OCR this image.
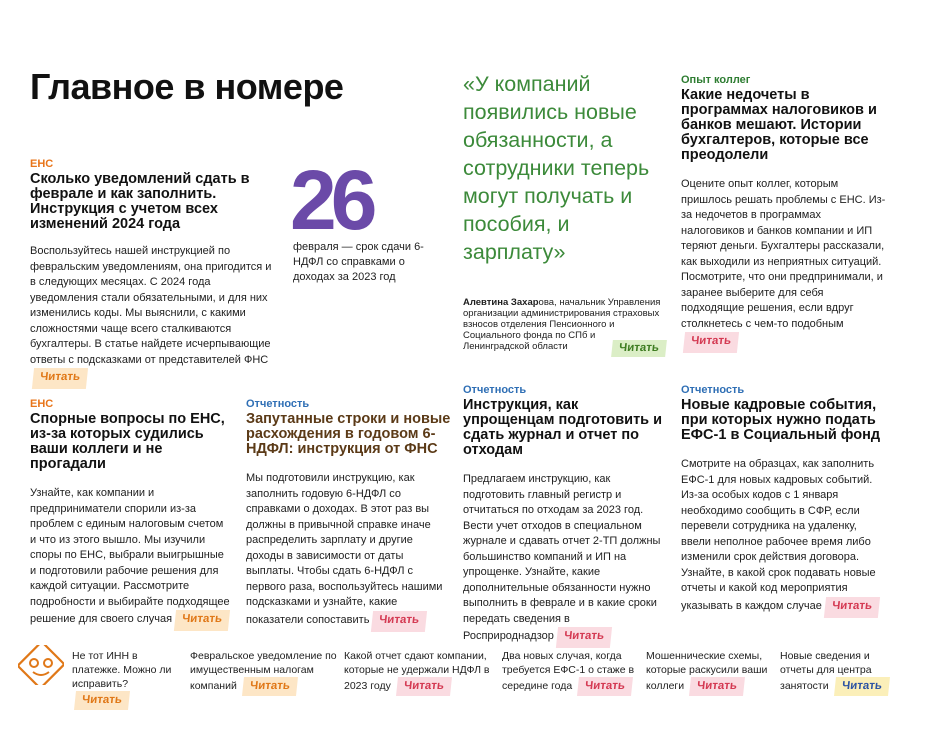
Главное в номере
ЕНС
Сколько уведомлений сдать в феврале и как заполнить. Инструкция с учетом всех изменений 2024 года
Воспользуйтесь нашей инструкцией по февральским уведомлениям, она пригодится и в следующих месяцах. С 2024 года уведомления стали обязательными, и для них изменились коды. Мы выяснили, с какими сложностями чаще всего сталкиваются бухгалтеры. В статье найдете исчерпывающие ответы с подсказками от представителей ФНСЧитать
26
февраля — срок сдачи 6-НДФЛ со справками о доходах за 2023 год
«У компаний появились новые обязанности, а сотрудники теперь могут получать и пособия, и зарплату»
Алевтина Захарова, начальник Управления организации администрирования страховых взносов отделения Пенсионного и Социального фонда по СПб и Ленинградской области	Читать
Опыт коллег
Какие недочеты в программах налоговиков и банков мешают. Истории бухгалтеров, которые все преодолели
Оцените опыт коллег, которым пришлось решать проблемы с ЕНС. Из-за недочетов в программах налоговиков и банков компании и ИП теряют деньги. Бухгалтеры рассказали, как выходили из неприятных ситуаций. Посмотрите, что они предпринимали, и заранее выберите для себя подходящие решения, если вдруг столкнетесь с чем-то подобнымЧитать
ЕНС
Спорные вопросы по ЕНС, из-за которых судились ваши коллеги и не прогадали
Узнайте, как компании и предприниматели спорили из-за проблем с единым налоговым счетом и что из этого вышло. Мы изучили споры по ЕНС, выбрали выигрышные и подготовили рабочие решения для каждой ситуации. Рассмотрите подробности и выбирайте подходящее решение для своего случая Читать
Отчетность
Запутанные строки и новые расхождения в годовом 6-НДФЛ: инструкция от ФНС
Мы подготовили инструкцию, как заполнить годовую 6-НДФЛ со справками о доходах. В этот раз вы должны в привычной справке иначе распределить зарплату и другие доходы в зависимости от даты выплаты. Чтобы сдать 6-НДФЛ с первого раза, воспользуйтесь нашими подсказками и узнайте, какие показатели сопоставить Читать
Отчетность
Инструкция, как упрощенцам подготовить и сдать журнал и отчет по отходам
Предлагаем инструкцию, как подготовить главный регистр и отчитаться по отходам за 2023 год. Вести учет отходов в специальном журнале и сдавать отчет 2-ТП должны большинство компаний и ИП на упрощенке. Узнайте, какие дополнительные обязанности нужно выполнить в феврале и в какие сроки передать сведения в Росприроднадзор Читать
Отчетность
Новые кадровые события, при которых нужно подать ЕФС-1 в Социальный фонд
Смотрите на образцах, как заполнить ЕФС-1 для новых кадровых событий. Из-за особых кодов с 1 января необходимо сообщить в СФР, если перевели сотрудника на удаленку, ввели неполное рабочее время либо изменили срок действия договора. Узнайте, в какой срок подавать новые отчеты и какой код мероприятия указывать в каждом случае Читать
Не тот ИНН в платежке. Можно ли исправить? Читать
Февральское уведомление по имущественным налогам компаний Читать
Какой отчет сдают компании, которые не удержали НДФЛ в 2023 году Читать
Два новых случая, когда требуется ЕФС-1 о стаже в середине года Читать
Мошеннические схемы, которые раскусили ваши коллеги Читать
Новые сведения и отчеты для центра занятости Читать
